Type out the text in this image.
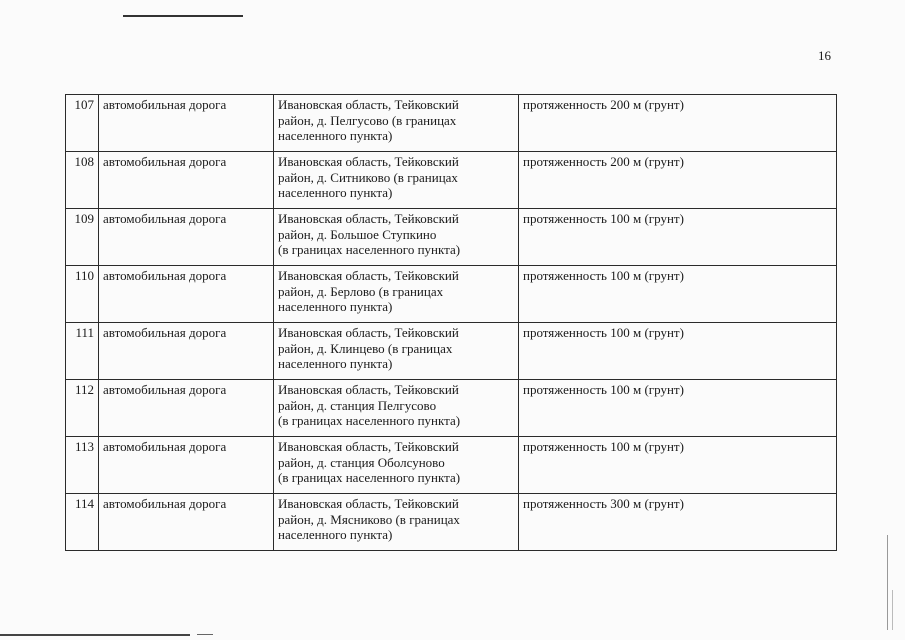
16
107	автомобильная дорога	Ивановская область, Тейковский
район, д. Пелгусово (в границах
населенного пункта)	протяженность 200 м (грунт)
108	автомобильная дорога	Ивановская область, Тейковский
район, д. Ситниково (в границах
населенного пункта)	протяженность 200 м (грунт)
109	автомобильная дорога	Ивановская область, Тейковский
район, д. Большое Ступкино
(в границах населенного пункта)	протяженность 100 м (грунт)
110	автомобильная дорога	Ивановская область, Тейковский
район, д. Берлово (в границах
населенного пункта)	протяженность 100 м (грунт)
111	автомобильная дорога	Ивановская область, Тейковский
район, д. Клинцево (в границах
населенного пункта)	протяженность 100 м (грунт)
112	автомобильная дорога	Ивановская область, Тейковский
район, д. станция Пелгусово
(в границах населенного пункта)	протяженность 100 м (грунт)
113	автомобильная дорога	Ивановская область, Тейковский
район, д. станция Оболсуново
(в границах населенного пункта)	протяженность 100 м (грунт)
114	автомобильная дорога	Ивановская область, Тейковский
район, д. Мясниково (в границах
населенного пункта)	протяженность 300 м (грунт)
